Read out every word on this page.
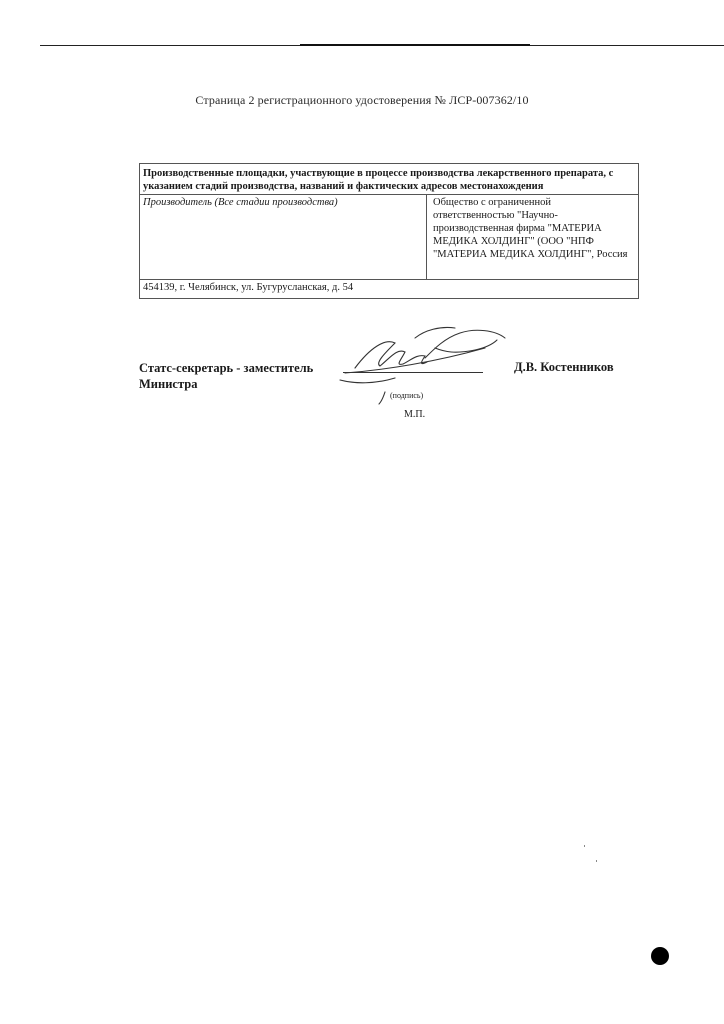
Страница 2 регистрационного удостоверения № ЛСР-007362/10
Производственные площадки, участвующие в процессе производства лекарственного препарата, с указанием стадий производства, названий и фактических адресов местонахождения
Производитель (Все стадии производства)	Общество с ограниченной ответственностью "Научно-производственная фирма "МАТЕРИА МЕДИКА ХОЛДИНГ" (ООО "НПФ "МАТЕРИА МЕДИКА ХОЛДИНГ", Россия
454139, г. Челябинск, ул. Бугурусланская, д. 54
Статс-секретарь - заместитель Министра
Д.В. Костенников
(подпись)
М.П.
